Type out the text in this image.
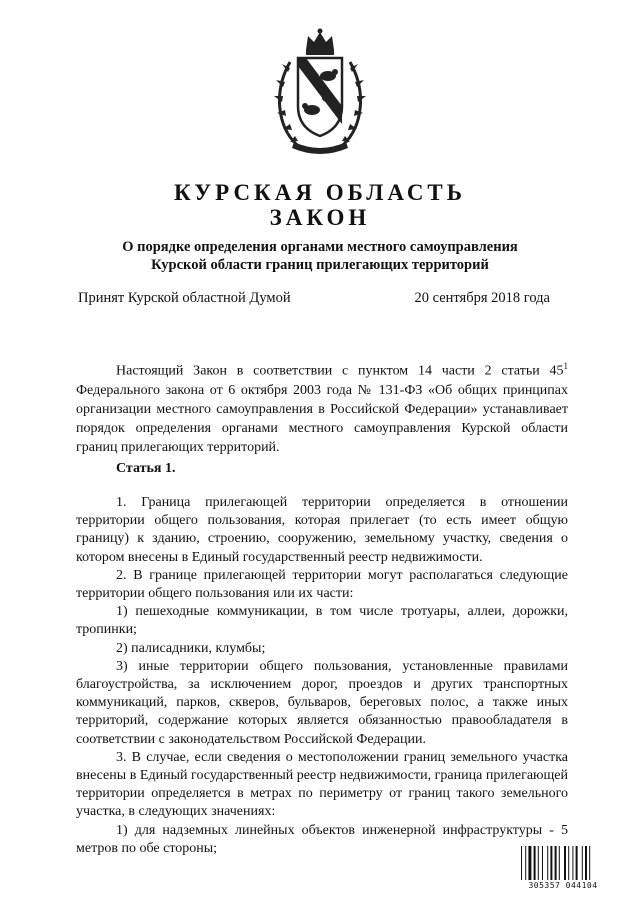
КУРСКАЯ ОБЛАСТЬ
ЗАКОН
О порядке определения органами местного самоуправления
Курской области границ прилегающих территорий
Принят Курской областной Думой	20 сентября 2018 года

Настоящий Закон в соответствии с пунктом 14 части 2 статьи $45^1$ Федерального закона от 6 октября 2003 года № 131-ФЗ «Об общих принципах организации местного самоуправления в Российской Федерации» устанавливает порядок определения органами местного самоуправления Курской области границ прилегающих территорий.

Статья 1.

1. Граница прилегающей территории определяется в отношении территории общего пользования, которая прилегает (то есть имеет общую границу) к зданию, строению, сооружению, земельному участку, сведения о котором внесены в Единый государственный реестр недвижимости.

2. В границе прилегающей территории могут располагаться следующие территории общего пользования или их части:

1) пешеходные коммуникации, в том числе тротуары, аллеи, дорожки, тропинки;

2) палисадники, клумбы;

3) иные территории общего пользования, установленные правилами благоустройства, за исключением дорог, проездов и других транспортных коммуникаций, парков, скверов, бульваров, береговых полос, а также иных территорий, содержание которых является обязанностью правообладателя в соответствии с законодательством Российской Федерации.

3. В случае, если сведения о местоположении границ земельного участка внесены в Единый государственный реестр недвижимости, граница прилегающей территории определяется в метрах по периметру от границ такого земельного участка, в следующих значениях:

1) для надземных линейных объектов инженерной инфраструктуры - 5 метров по обе стороны;

305357 044104
